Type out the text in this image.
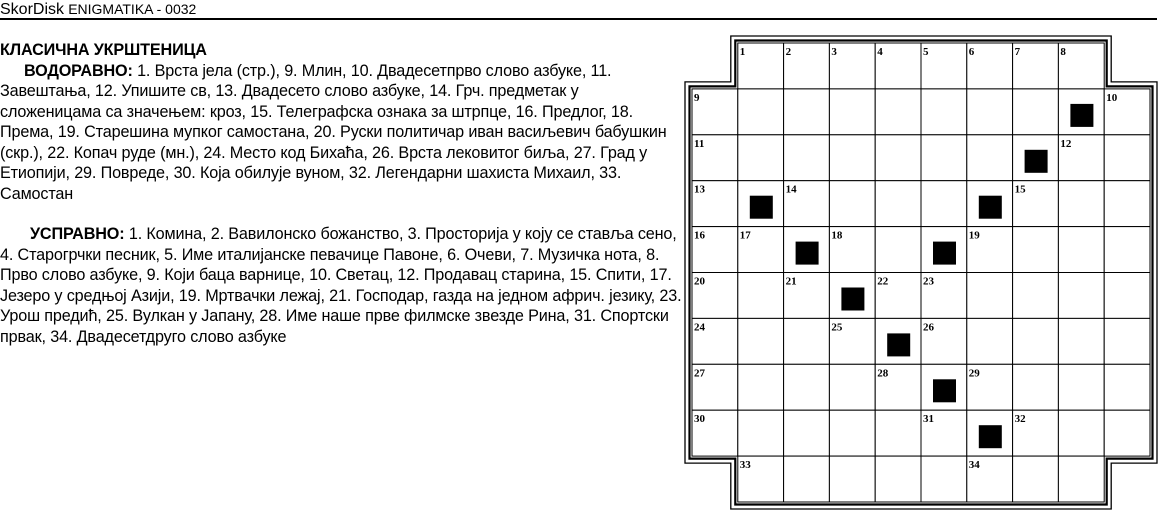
SkorDisk ENIGMATIKA - 0032
КЛАСИЧНА УКРШТЕНИЦА

ВОДОРАВНО: 1. Врста јела (стр.), 9. Млин, 10. Двадесетпрво слово азбуке, 11. Завештања, 12. Упишите св, 13. Двадесето слово азбуке, 14. Грч. предметак у сложеницама са значењем: кроз, 15. Телеграфска ознака за штрпце, 16. Предлог, 18. Према, 19. Старешина мупког самостана, 20. Руски политичар иван васиљевич бабушкин (скр.), 22. Копач руде (мн.), 24. Место код Бихаћа, 26. Врста лековитог биља, 27. Град у Етиопији, 29. Повреде, 30. Која обилује вуном, 32. Легендарни шахиста Михаил, 33. Самостан

УСПРАВНО: 1. Комина, 2. Вавилонско божанство, 3. Просторија у коју се ставља сено, 4. Старогрчки песник, 5. Име италијанске певачице Павоне, 6. Очеви, 7. Музичка нота, 8. Прво слово азбуке, 9. Који баца варнице, 10. Светац, 12. Продавац старина, 15. Спити, 17. Језеро у средњој Азији, 19. Мртвачки лежај, 21. Господар, газда на једном африч. језику, 23. Урош предић, 25. Вулкан у Јапану, 28. Име наше прве филмске звезде Рина, 31. Спортски првак, 34. Двадесетдруго слово азбуке

1	2	3	4	5	6	7	8
9	10
11	12
13	14	15
16	17	18	19
20	21	22	23
24	25	26
27	28	29
30	31	32
33	34
